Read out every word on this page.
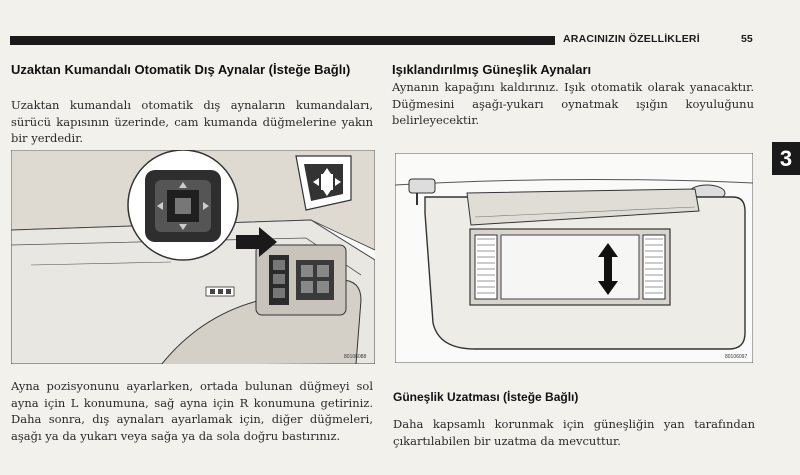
ARACINIZIN ÖZELLİKLERİ	55
3
Uzaktan Kumandalı Otomatik Dış Aynalar (İsteğe Bağlı)
Uzaktan kumandalı otomatik dış aynaların kumandaları, sürücü kapısının üzerinde, cam kumanda düğmelerine yakın bir yerdedir.
80106088
Ayna pozisyonunu ayarlarken, ortada bulunan düğmeyi sol ayna için L konumuna, sağ ayna için R konumuna getiriniz. Daha sonra, dış aynaları ayarlamak için, diğer düğmeleri, aşağı ya da yukarı veya sağa ya da sola doğru bastırınız.
Işıklandırılmış Güneşlik Aynaları
Aynanın kapağını kaldırınız. Işık otomatik olarak yanacaktır. Düğmesini aşağı-yukarı oynatmak ışığın koyuluğunu belirleyecektir.
80106097
Güneşlik Uzatması (İsteğe Bağlı)
Daha kapsamlı korunmak için güneşliğin yan tarafından çıkartılabilen bir uzatma da mevcuttur.
